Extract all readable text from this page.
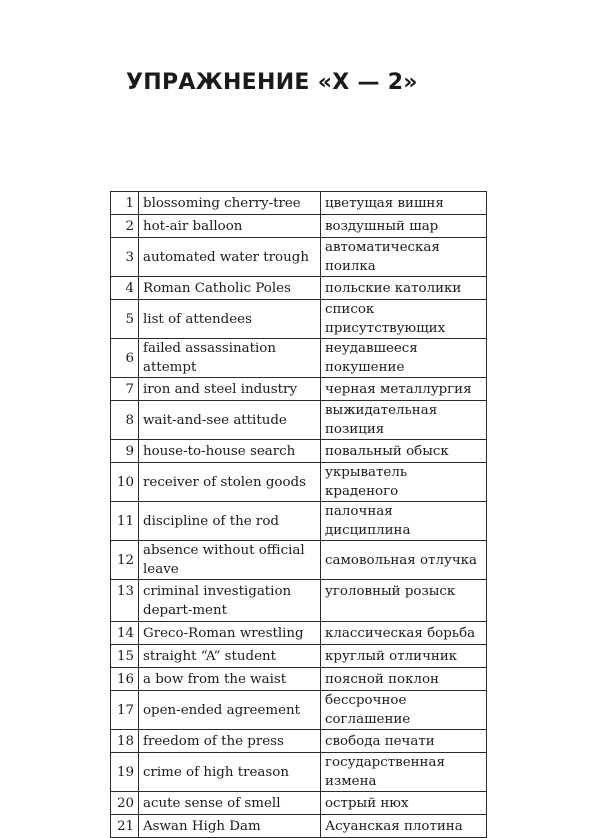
УПРАЖНЕНИЕ «X — 2»
1	blossoming cherry-tree	цветущая вишня
2	hot-air balloon	воздушный шар
3	automated water trough	автоматическая поилка
4	Roman Catholic Poles	польские католики
5	list of attendees	список присутствующих
6	failed assassination attempt	неудавшееся покушение
7	iron and steel industry	черная металлургия
8	wait-and-see attitude	выжидательная позиция
9	house-to-house search	повальный обыск
10	receiver of stolen goods	укрыватель краденого
11	discipline of the rod	палочная дисциплина
12	absence without official leave	самовольная отлучка
13	criminal investigation depart-ment	уголовный розыск
14	Greco-Roman wrestling	классическая борьба
15	straight “A” student	круглый отличник
16	a bow from the waist	поясной поклон
17	open-ended agreement	бессрочное соглашение
18	freedom of the press	свобода печати
19	crime of high treason	государственная измена
20	acute sense of smell	острый нюх
21	Aswan High Dam	Асуанская плотина
